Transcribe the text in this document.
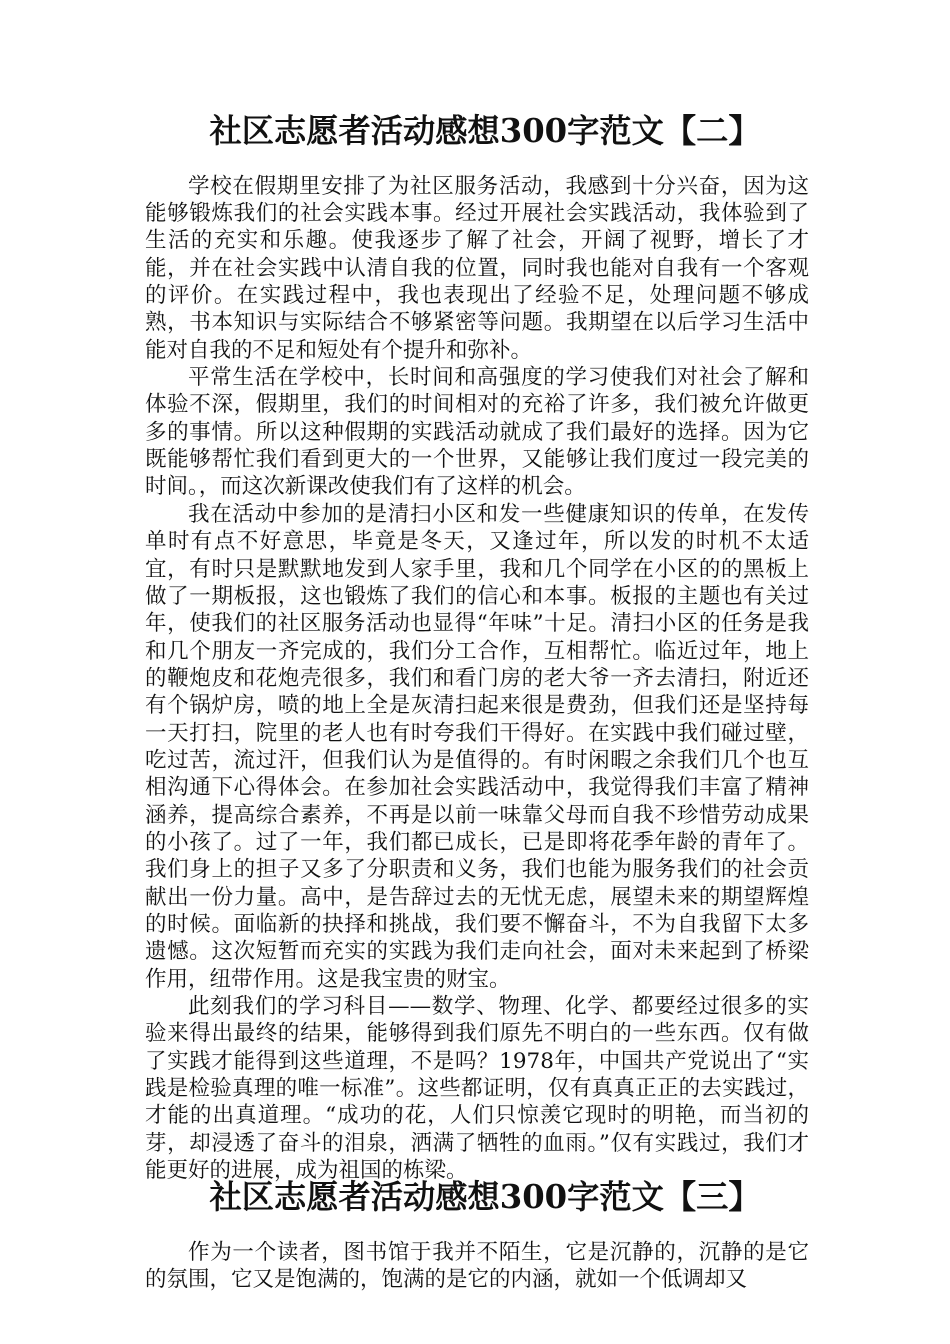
社区志愿者活动感想300字范文【二】

学校在假期里安排了为社区服务活动，我感到十分兴奋，因为这能够锻炼我们的社会实践本事。经过开展社会实践活动，我体验到了生活的充实和乐趣。使我逐步了解了社会，开阔了视野，增长了才能，并在社会实践中认清自我的位置，同时我也能对自我有一个客观的评价。在实践过程中，我也表现出了经验不足，处理问题不够成熟，书本知识与实际结合不够紧密等问题。我期望在以后学习生活中能对自我的不足和短处有个提升和弥补。

平常生活在学校中，长时间和高强度的学习使我们对社会了解和体验不深，假期里，我们的时间相对的充裕了许多，我们被允许做更多的事情。所以这种假期的实践活动就成了我们最好的选择。因为它既能够帮忙我们看到更大的一个世界，又能够让我们度过一段完美的时间。，而这次新课改使我们有了这样的机会。

我在活动中参加的是清扫小区和发一些健康知识的传单，在发传单时有点不好意思，毕竟是冬天，又逢过年，所以发的时机不太适宜，有时只是默默地发到人家手里，我和几个同学在小区的的黑板上做了一期板报，这也锻炼了我们的信心和本事。板报的主题也有关过年，使我们的社区服务活动也显得“年味”十足。清扫小区的任务是我和几个朋友一齐完成的，我们分工合作，互相帮忙。临近过年，地上的鞭炮皮和花炮壳很多，我们和看门房的老大爷一齐去清扫，附近还有个锅炉房，喷的地上全是灰清扫起来很是费劲，但我们还是坚持每一天打扫，院里的老人也有时夸我们干得好。在实践中我们碰过壁，吃过苦，流过汗，但我们认为是值得的。有时闲暇之余我们几个也互相沟通下心得体会。在参加社会实践活动中，我觉得我们丰富了精神涵养，提高综合素养，不再是以前一味靠父母而自我不珍惜劳动成果的小孩了。过了一年，我们都已成长，已是即将花季年龄的青年了。我们身上的担子又多了分职责和义务，我们也能为服务我们的社会贡献出一份力量。高中，是告辞过去的无忧无虑，展望未来的期望辉煌的时候。面临新的抉择和挑战，我们要不懈奋斗，不为自我留下太多遗憾。这次短暂而充实的实践为我们走向社会，面对未来起到了桥梁作用，纽带作用。这是我宝贵的财宝。

此刻我们的学习科目——数学、物理、化学、都要经过很多的实验来得出最终的结果，能够得到我们原先不明白的一些东西。仅有做了实践才能得到这些道理，不是吗？1978年，中国共产党说出了“实践是检验真理的唯一标准”。这些都证明，仅有真真正正的去实践过，才能的出真道理。“成功的花，人们只惊羡它现时的明艳，而当初的芽，却浸透了奋斗的泪泉，洒满了牺牲的血雨。”仅有实践过，我们才能更好的进展，成为祖国的栋梁。

社区志愿者活动感想300字范文【三】

作为一个读者，图书馆于我并不陌生，它是沉静的，沉静的是它的氛围，它又是饱满的，饱满的是它的内涵，就如一个低调却又
